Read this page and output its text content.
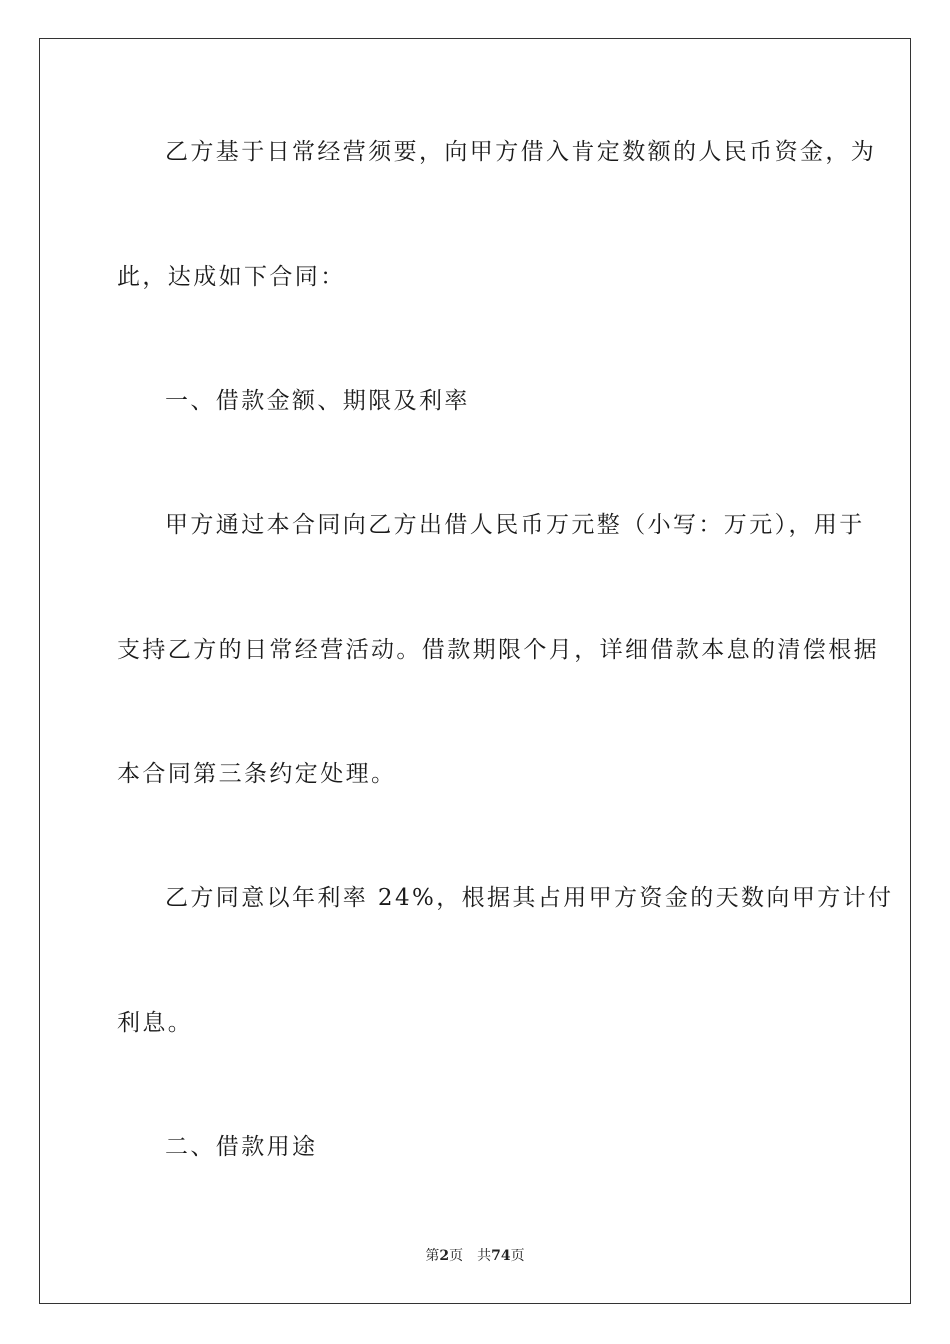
乙方基于日常经营须要，向甲方借入肯定数额的人民币资金，为
此，达成如下合同：
一、借款金额、期限及利率
甲方通过本合同向乙方出借人民币万元整（小写：万元），用于
支持乙方的日常经营活动。借款期限个月，详细借款本息的清偿根据
本合同第三条约定处理。
乙方同意以年利率 24%，根据其占用甲方资金的天数向甲方计付
利息。
二、借款用途
第2页 共74页
